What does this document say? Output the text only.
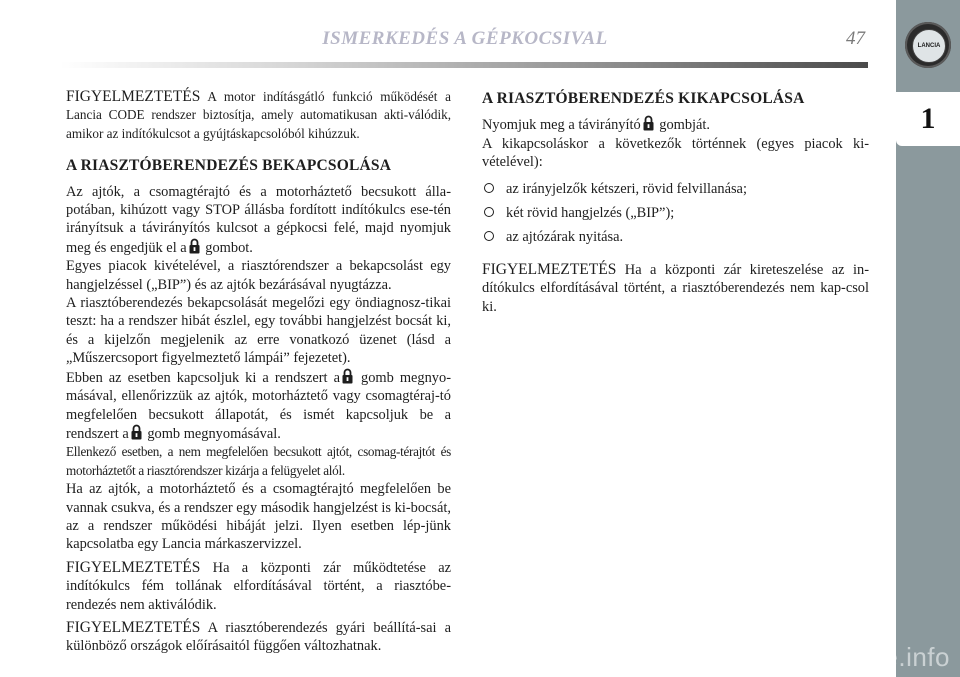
ISMERKEDÉS A GÉPKOCSIVAL	47	LANCIA
1

FIGYELMEZTETÉS A motor indításgátló funkció működését a Lancia CODE rendszer biztosítja, amely automatikusan akti-válódik, amikor az indítókulcsot a gyújtáskapcsolóból kihúzzuk.

A RIASZTÓBERENDEZÉS BEKAPCSOLÁSA

Az ajtók, a csomagtérajtó és a motorháztető becsukott álla-potában, kihúzott vagy STOP állásba fordított indítókulcs ese-tén irányítsuk a távirányítós kulcsot a gépkocsi felé, majd nyomjuk meg és engedjük el a gombot.

Egyes piacok kivételével, a riasztórendszer a bekapcsolást egy hangjelzéssel („BIP”) és az ajtók bezárásával nyugtázza.

A riasztóberendezés bekapcsolását megelőzi egy öndiagnosz-tikai teszt: ha a rendszer hibát észlel, egy további hangjelzést bocsát ki, és a kijelzőn megjelenik az erre vonatkozó üzenet (lásd a „Műszercsoport figyelmeztető lámpái” fejezetet).

Ebben az esetben kapcsoljuk ki a rendszert a gomb megnyo-másával, ellenőrizzük az ajtók, motorháztető vagy csomagtéraj-tó megfelelően becsukott állapotát, és ismét kapcsoljuk be a rendszert a gomb megnyomásával.

Ellenkező esetben, a nem megfelelően becsukott ajtót, csomag-térajtót és motorháztetőt a riasztórendszer kizárja a felügyelet alól.

Ha az ajtók, a motorháztető és a csomagtérajtó megfelelően be vannak csukva, és a rendszer egy második hangjelzést is ki-bocsát, az a rendszer működési hibáját jelzi. Ilyen esetben lép-jünk kapcsolatba egy Lancia márkaszervizzel.

FIGYELMEZTETÉS Ha a központi zár működtetése az indítókulcs fém tollának elfordításával történt, a riasztóbe-rendezés nem aktiválódik.

FIGYELMEZTETÉS A riasztóberendezés gyári beállítá-sai a különböző országok előírásaitól függően változhatnak.

A RIASZTÓBERENDEZÉS KIKAPCSOLÁSA

Nyomjuk meg a távirányító gombját.

A kikapcsoláskor a következők történnek (egyes piacok ki-vételével):

az irányjelzők kétszeri, rövid felvillanása;
két rövid hangjelzés („BIP”);
az ajtózárak nyitása.

FIGYELMEZTETÉS Ha a központi zár kireteszelése az in-dítókulcs elfordításával történt, a riasztóberendezés nem kap-csol ki.

carmanualsonline.info
